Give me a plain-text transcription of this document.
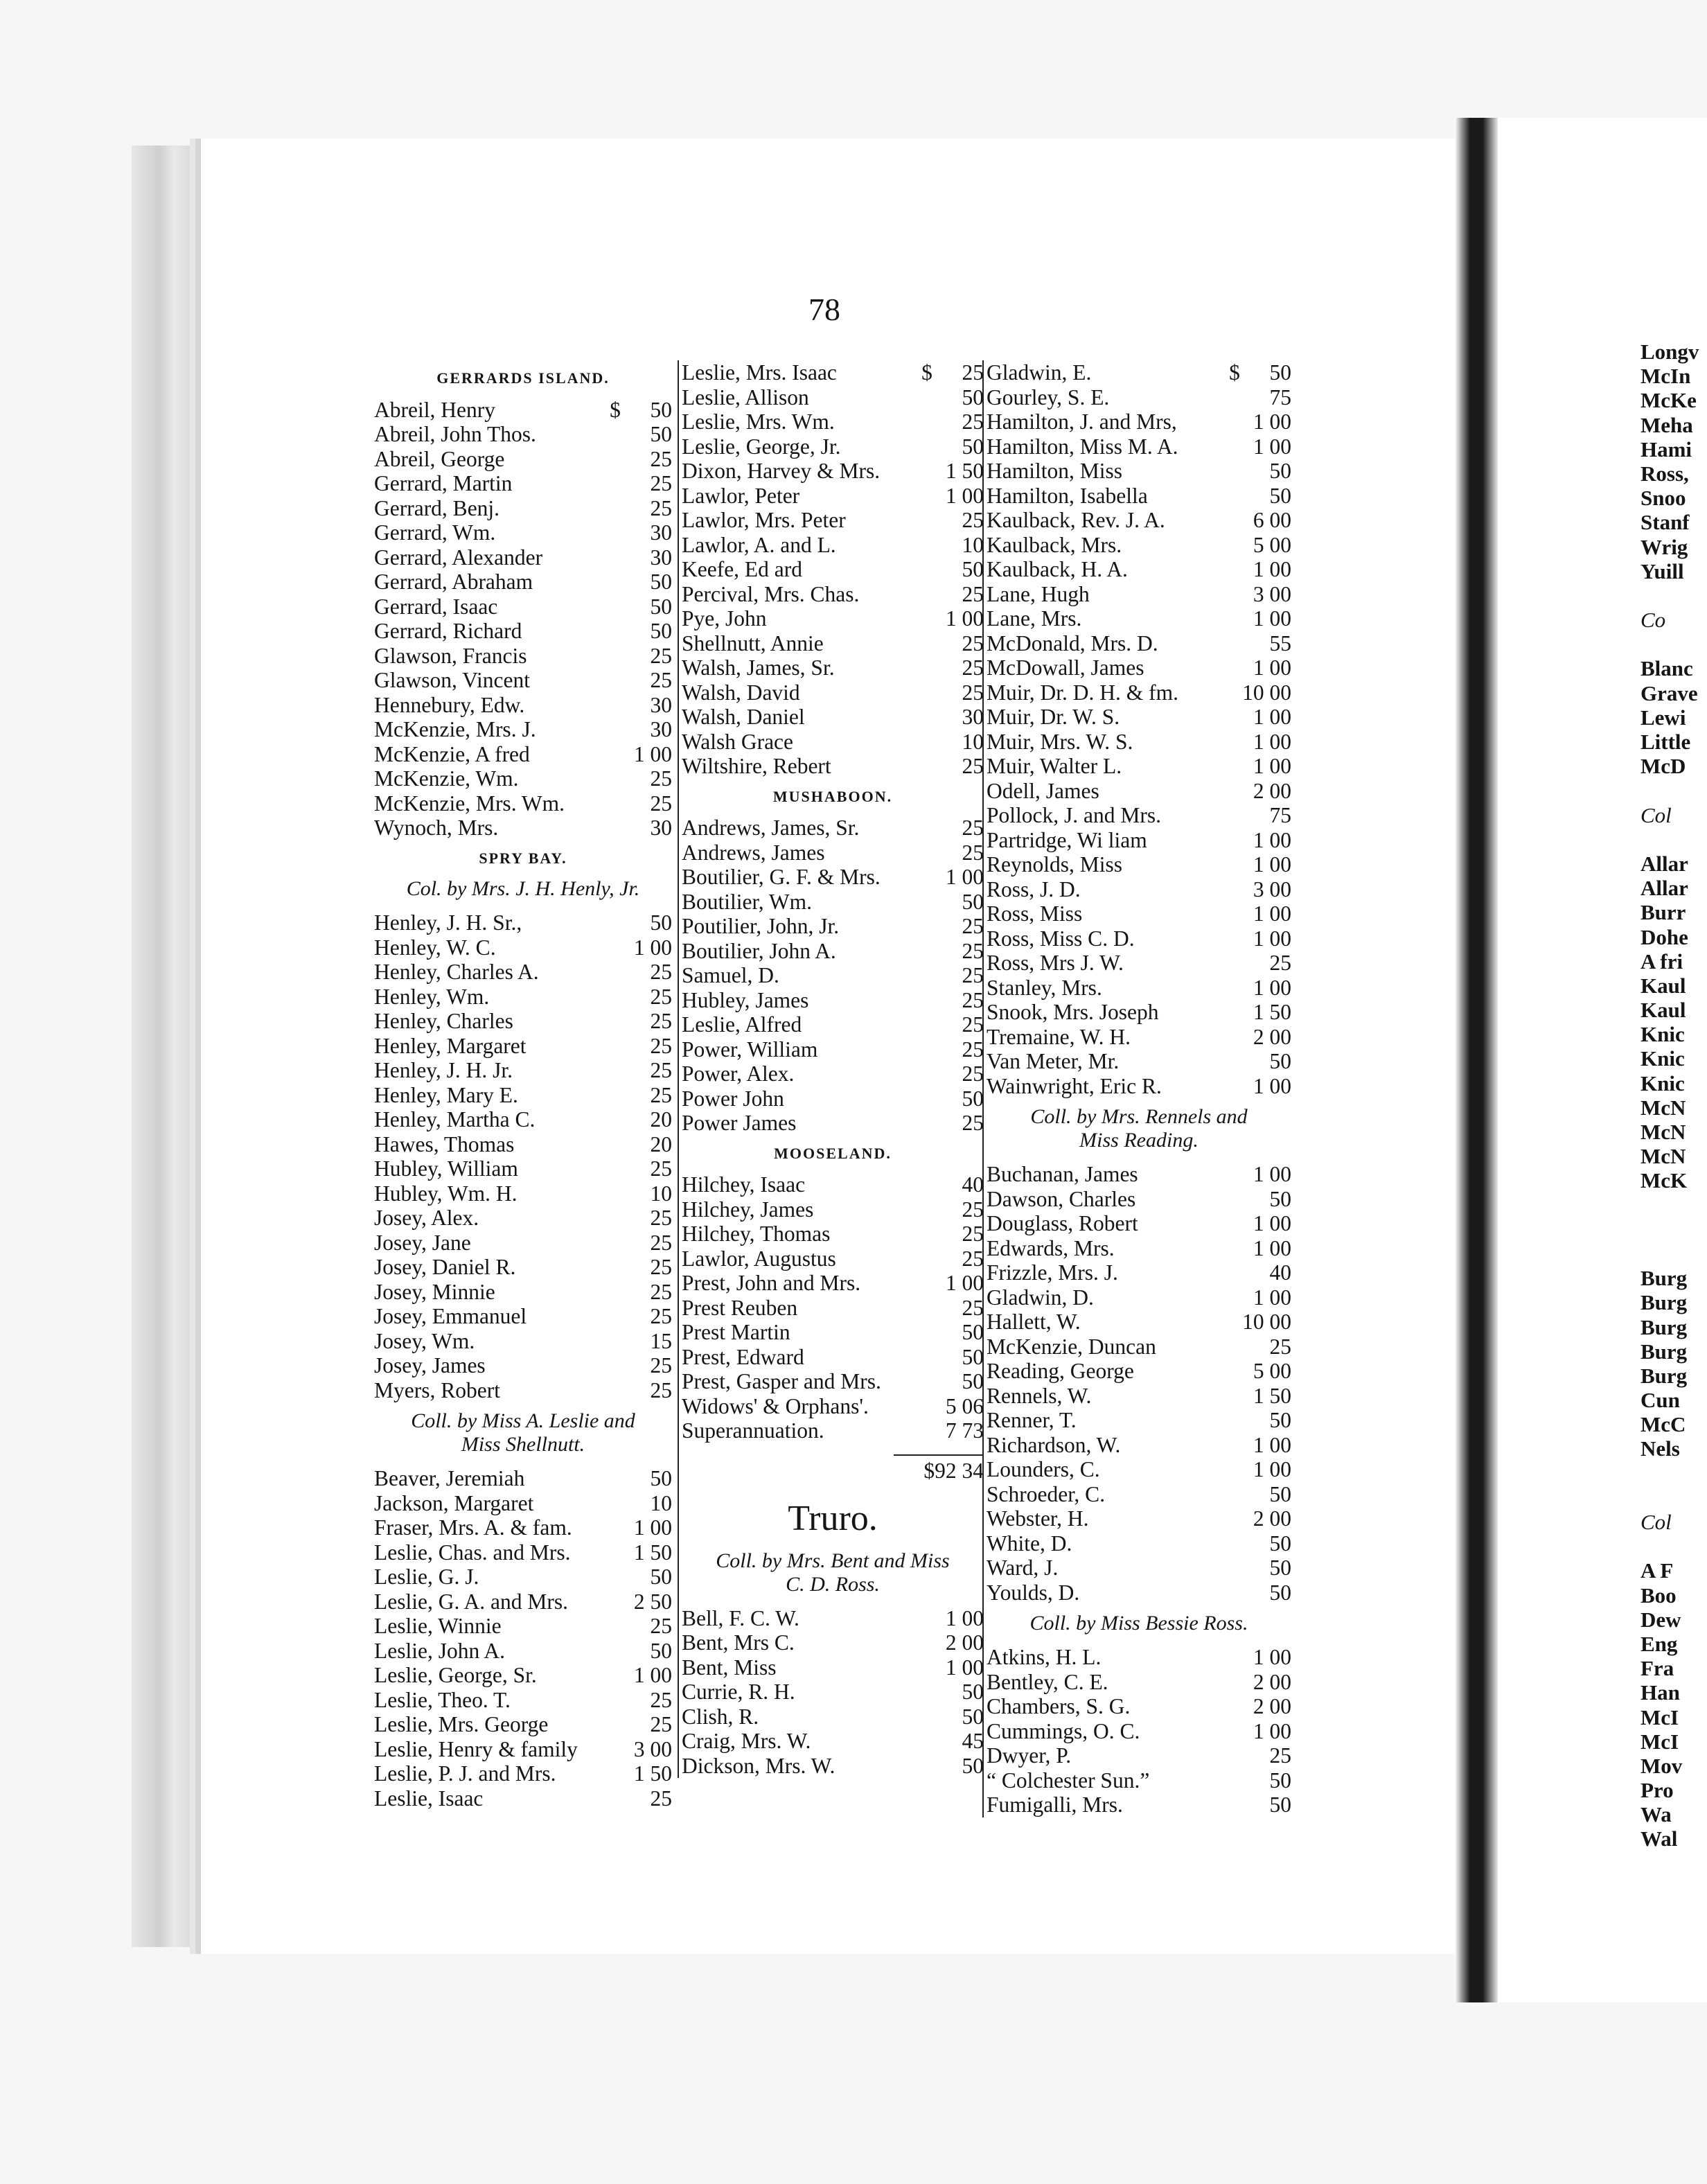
78
GERRARDS ISLAND.
Abreil, Henry	$	50
Abreil, John Thos.	50
Abreil, George	25
Gerrard, Martin	25
Gerrard, Benj.	25
Gerrard, Wm.	30
Gerrard, Alexander	30
Gerrard, Abraham	50
Gerrard, Isaac	50
Gerrard, Richard	50
Glawson, Francis	25
Glawson, Vincent	25
Hennebury, Edw.	30
McKenzie, Mrs. J.	30
McKenzie, A fred	1 00
McKenzie, Wm.	25
McKenzie, Mrs. Wm.	25
Wynoch, Mrs.	30
SPRY BAY.
Col. by Mrs. J. H. Henly, Jr.
Henley, J. H. Sr.,	50
Henley, W. C.	1 00
Henley, Charles A.	25
Henley, Wm.	25
Henley, Charles	25
Henley, Margaret	25
Henley, J. H. Jr.	25
Henley, Mary E.	25
Henley, Martha C.	20
Hawes, Thomas	20
Hubley, William	25
Hubley, Wm. H.	10
Josey, Alex.	25
Josey, Jane	25
Josey, Daniel R.	25
Josey, Minnie	25
Josey, Emmanuel	25
Josey, Wm.	15
Josey, James	25
Myers, Robert	25
Coll. by Miss A. Leslie and
Miss Shellnutt.
Beaver, Jeremiah	50
Jackson, Margaret	10
Fraser, Mrs. A. & fam.	1 00
Leslie, Chas. and Mrs.	1 50
Leslie, G. J.	50
Leslie, G. A. and Mrs.	2 50
Leslie, Winnie	25
Leslie, John A.	50
Leslie, George, Sr.	1 00
Leslie, Theo. T.	25
Leslie, Mrs. George	25
Leslie, Henry & family	3 00
Leslie, P. J. and Mrs.	1 50
Leslie, Isaac	25
Leslie, Mrs. Isaac	$	25
Leslie, Allison	50
Leslie, Mrs. Wm.	25
Leslie, George, Jr.	50
Dixon, Harvey & Mrs.	1 50
Lawlor, Peter	1 00
Lawlor, Mrs. Peter	25
Lawlor, A. and L.	10
Keefe, Ed ard	50
Percival, Mrs. Chas.	25
Pye, John	1 00
Shellnutt, Annie	25
Walsh, James, Sr.	25
Walsh, David	25
Walsh, Daniel	30
Walsh Grace	10
Wiltshire, Rebert	25
MUSHABOON.
Andrews, James, Sr.	25
Andrews, James	25
Boutilier, G. F. & Mrs.	1 00
Boutilier, Wm.	50
Poutilier, John, Jr.	25
Boutilier, John A.	25
Samuel, D.	25
Hubley, James	25
Leslie, Alfred	25
Power, William	25
Power, Alex.	25
Power John	50
Power James	25
MOOSELAND.
Hilchey, Isaac	40
Hilchey, James	25
Hilchey, Thomas	25
Lawlor, Augustus	25
Prest, John and Mrs.	1 00
Prest Reuben	25
Prest Martin	50
Prest, Edward	50
Prest, Gasper and Mrs.	50
Widows' & Orphans'.	5 06
Superannuation.	7 73
$92 34
Truro.
Coll. by Mrs. Bent and Miss
C. D. Ross.
Bell, F. C. W.	1 00
Bent, Mrs C.	2 00
Bent, Miss	1 00
Currie, R. H.	50
Clish, R.	50
Craig, Mrs. W.	45
Dickson, Mrs. W.	50
Gladwin, E.	$	50
Gourley, S. E.	75
Hamilton, J. and Mrs,	1 00
Hamilton, Miss M. A.	1 00
Hamilton, Miss	50
Hamilton, Isabella	50
Kaulback, Rev. J. A.	6 00
Kaulback, Mrs.	5 00
Kaulback, H. A.	1 00
Lane, Hugh	3 00
Lane, Mrs.	1 00
McDonald, Mrs. D.	55
McDowall, James	1 00
Muir, Dr. D. H. & fm.	10 00
Muir, Dr. W. S.	1 00
Muir, Mrs. W. S.	1 00
Muir, Walter L.	1 00
Odell, James	2 00
Pollock, J. and Mrs.	75
Partridge, Wi liam	1 00
Reynolds, Miss	1 00
Ross, J. D.	3 00
Ross, Miss	1 00
Ross, Miss C. D.	1 00
Ross, Mrs J. W.	25
Stanley, Mrs.	1 00
Snook, Mrs. Joseph	1 50
Tremaine, W. H.	2 00
Van Meter, Mr.	50
Wainwright, Eric R.	1 00
Coll. by Mrs. Rennels and
Miss Reading.
Buchanan, James	1 00
Dawson, Charles	50
Douglass, Robert	1 00
Edwards, Mrs.	1 00
Frizzle, Mrs. J.	40
Gladwin, D.	1 00
Hallett, W.	10 00
McKenzie, Duncan	25
Reading, George	5 00
Rennels, W.	1 50
Renner, T.	50
Richardson, W.	1 00
Lounders, C.	1 00
Schroeder, C.	50
Webster, H.	2 00
White, D.	50
Ward, J.	50
Youlds, D.	50
Coll. by Miss Bessie Ross.
Atkins, H. L.	1 00
Bentley, C. E.	2 00
Chambers, S. G.	2 00
Cummings, O. C.	1 00
Dwyer, P.	25
“ Colchester Sun.”	50
Fumigalli, Mrs.	50
Longv
McIn
McKe
Meha
Hami
Ross,
Snoo
Stanf
Wrig
Yuill
Co
Blanc
Grave
Lewi
Little
McD
Col
Allar
Allar
Burr
Dohe
A fri
Kaul
Kaul
Knic
Knic
Knic
McN
McN
McN
McK
Burg
Burg
Burg
Burg
Burg
Cun
McC
Nels
Col
A F
Boo
Dew
Eng
Fra
Han
McI
McI
Mov
Pro
Wa
Wal
